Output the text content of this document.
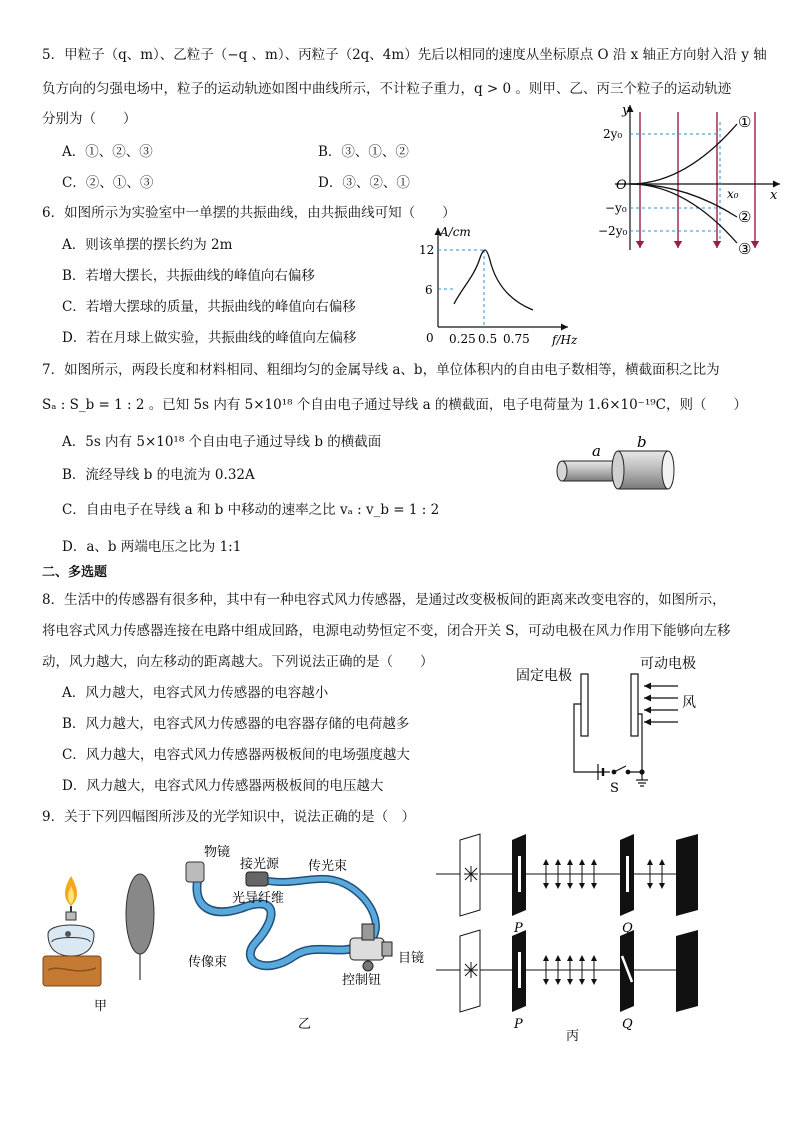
5．甲粒子（q、m）、乙粒子（−q 、m）、丙粒子（2q、4m）先后以相同的速度从坐标原点 O 沿 x 轴正方向射入沿 y 轴
负方向的匀强电场中，粒子的运动轨迹如图中曲线所示，不计粒子重力，q > 0 。则甲、乙、丙三个粒子的运动轨迹
分别为（　　）
A．①、②、③	B．③、①、②
C．②、①、③	D．③、②、①
y
x
O
2y₀
−y₀
−2y₀
x₀
①
②
③
6．如图所示为实验室中一单摆的共振曲线，由共振曲线可知（　　）
A．则该单摆的摆长约为 2m
B．若增大摆长，共振曲线的峰值向右偏移
C．若增大摆球的质量，共振曲线的峰值向右偏移
D．若在月球上做实验，共振曲线的峰值向左偏移
A/cm
f/Hz
12
6
0 0.25 0.5 0.75
7．如图所示，两段长度和材料相同、粗细均匀的金属导线 a、b，单位体积内的自由电子数相等，横截面积之比为
Sₐ : S_b = 1 : 2 。已知 5s 内有 5×10¹⁸ 个自由电子通过导线 a 的横截面，电子电荷量为 1.6×10⁻¹⁹C，则（　　）
A．5s 内有 5×10¹⁸ 个自由电子通过导线 b 的横截面
B．流经导线 b 的电流为 0.32A
C．自由电子在导线 a 和 b 中移动的速率之比 vₐ : v_b = 1 : 2
D．a、b 两端电压之比为 1:1
a b
二、多选题
8．生活中的传感器有很多种，其中有一种电容式风力传感器，是通过改变极板间的距离来改变电容的，如图所示，
将电容式风力传感器连接在电路中组成回路，电源电动势恒定不变，闭合开关 S，可动电极在风力作用下能够向左移
动，风力越大，向左移动的距离越大。下列说法正确的是（　　）
A．风力越大，电容式风力传感器的电容越小
B．风力越大，电容式风力传感器的电容器存储的电荷越多
C．风力越大，电容式风力传感器两极板间的电场强度越大
D．风力越大，电容式风力传感器两极板间的电压越大
固定电极
可动电极
风
S
9．关于下列四幅图所涉及的光学知识中，说法正确的是（　）
甲
物镜
接光源 传光束
光导纤维
传像束	目镜
控制钮
乙
P	Q
P	Q
丙
